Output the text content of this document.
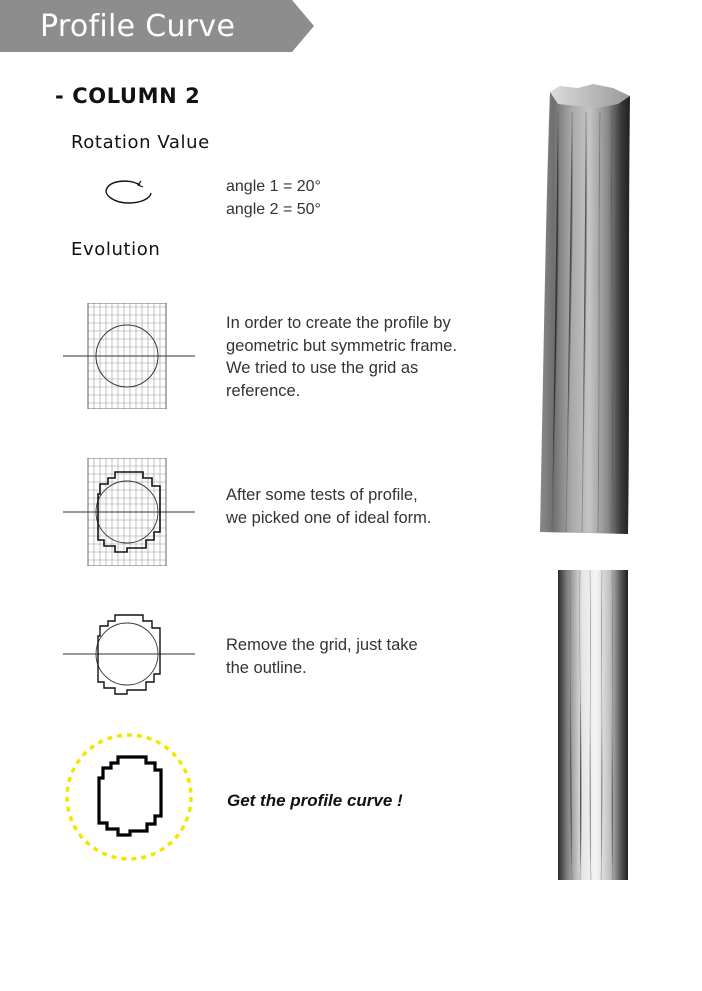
Profile Curve
- COLUMN 2
Rotation Value
angle 1 = 20°
angle 2 = 50°
Evolution
In order to create the profile by
geometric but symmetric frame.
We tried to use the grid as
reference.
After some tests of profile,
we picked one of ideal form.
Remove the grid, just take
the outline.
Get the profile curve !
